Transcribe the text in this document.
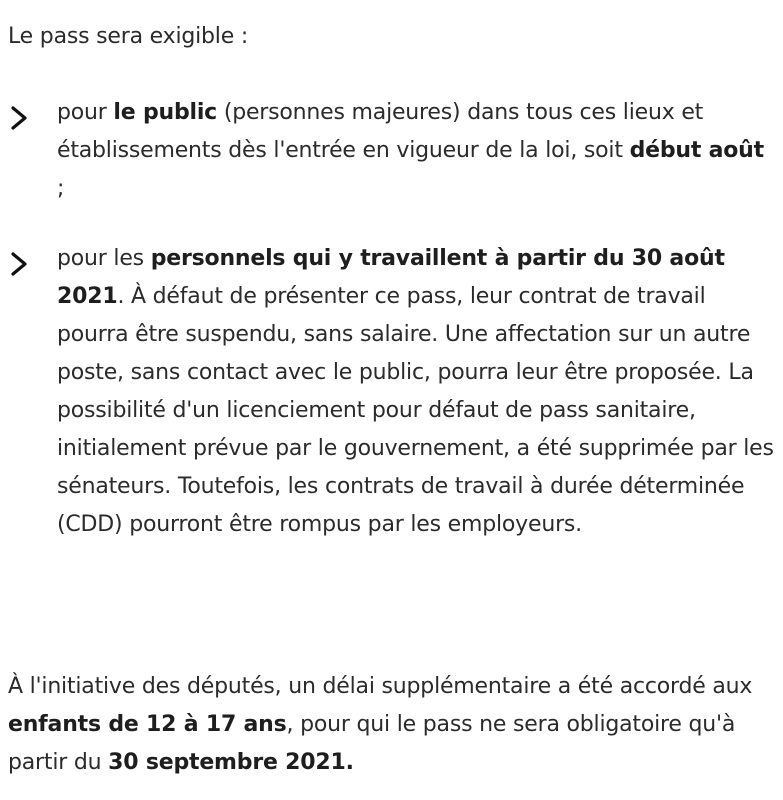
Le pass sera exigible :

pour le public (personnes majeures) dans tous ces lieux et établissements dès l'entrée en vigueur de la loi, soit début août ;

pour les personnels qui y travaillent à partir du 30 août 2021. À défaut de présenter ce pass, leur contrat de travail pourra être suspendu, sans salaire. Une affectation sur un autre poste, sans contact avec le public, pourra leur être proposée. La possibilité d'un licenciement pour défaut de pass sanitaire, initialement prévue par le gouvernement, a été supprimée par les sénateurs. Toutefois, les contrats de travail à durée déterminée (CDD) pourront être rompus par les employeurs.

À l'initiative des députés, un délai supplémentaire a été accordé aux enfants de 12 à 17 ans, pour qui le pass ne sera obligatoire qu'à partir du 30 septembre 2021.
